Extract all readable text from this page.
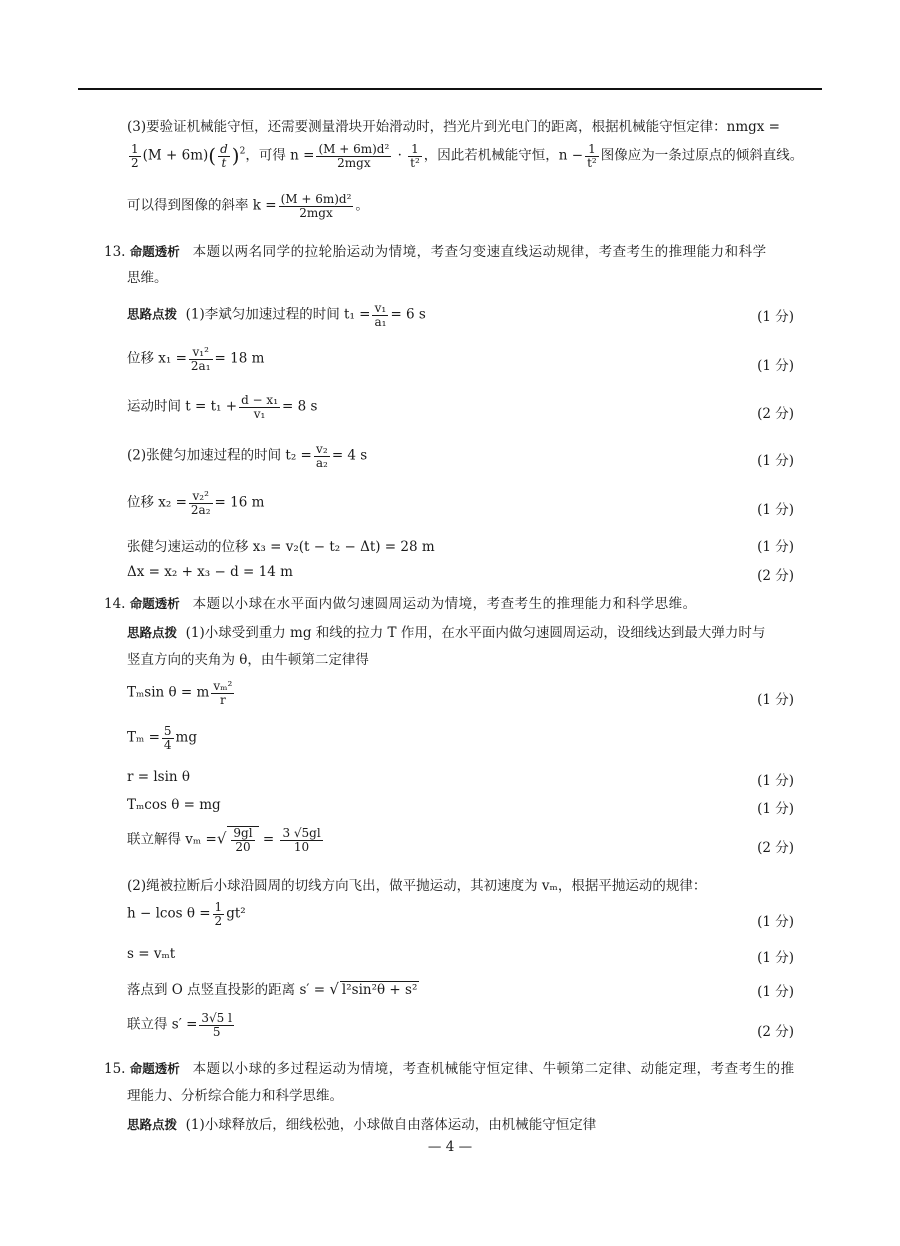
(3)要验证机械能守恒，还需要测量滑块开始滑动时，挡光片到光电门的距离，根据机械能守恒定律：nmgx =
$\frac{1}{2} (M + 6m)( \frac{d}{t} )^2$，可得 $n = \frac{\text{(M + 6m)d²}}{\text{2mgx}} \cdot \frac{1}{\text{t²}}$ ，因此若机械能守恒，$n - \frac{1}{\text{t²}}$ 图像应为一条过原点的倾斜直线。
可以得到图像的斜率 $k = \frac{\text{(M + 6m)d²}}{\text{2mgx}}$ 。
13. 命题透析 本题以两名同学的拉轮胎运动为情境，考查匀变速直线运动规律，考查考生的推理能力和科学
思维。
思路点拨 (1)李斌匀加速过程的时间 $t_1 = \frac{\text{v₁}}{\text{a₁}} = 6$ s	(1 分)
位移 $x_1 = \frac{\text{v₁²}}{\text{2a₁}} = 18$ m	(1 分)
运动时间 $t = t_1 + \frac{\text{d − x₁}}{\text{v₁}} = 8$ s	(2 分)
(2)张健匀加速过程的时间 $t_2 = \frac{\text{v₂}}{\text{a₂}} = 4$ s	(1 分)
位移 $x_2 = \frac{\text{v₂²}}{\text{2a₂}} = 16$ m	(1 分)
张健匀速运动的位移 x₃ = v₂(t − t₂ − Δt) = 28 m	(1 分)
Δx = x₂ + x₃ − d = 14 m	(2 分)
14. 命题透析 本题以小球在水平面内做匀速圆周运动为情境，考查考生的推理能力和科学思维。
思路点拨 (1)小球受到重力 mg 和线的拉力 T 作用，在水平面内做匀速圆周运动，设细线达到最大弹力时与
竖直方向的夹角为 θ，由牛顿第二定律得
Tₘsin θ = m $\frac{\text{vₘ²}}{r}$	(1 分)
$T_m = \frac{5}{4}$ mg
r = lsin θ	(1 分)
Tₘcos θ = mg	(1 分)
联立解得 vₘ =√ $\frac{9gl}{20} = \frac{3 √5gl}{10}$	(2 分)
(2)绳被拉断后小球沿圆周的切线方向飞出，做平抛运动，其初速度为 vₘ，根据平抛运动的规律：
h − lcos $\theta = \frac{1}{2} gt^2$
(1 分)
s = vₘt	(1 分)
落点到 O 点竖直投影的距离 s′ = √ l²sin²θ + s²	(1 分)
联立得 $s' = \frac{3√5 l}{5}$	(2 分)
15. 命题透析 本题以小球的多过程运动为情境，考查机械能守恒定律、牛顿第二定律、动能定理，考查考生的推
理能力、分析综合能力和科学思维。
思路点拨 (1)小球释放后，细线松弛，小球做自由落体运动，由机械能守恒定律
— 4 —
